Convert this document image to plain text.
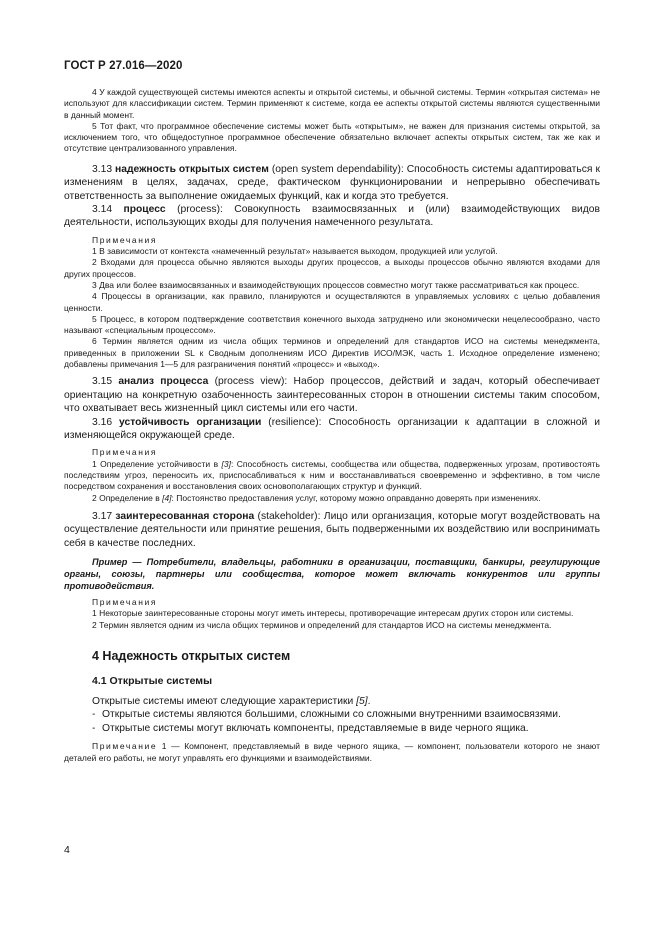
ГОСТ Р 27.016—2020

4 У каждой существующей системы имеются аспекты и открытой системы, и обычной системы. Термин «открытая система» не используют для классификации систем. Термин применяют к системе, когда ее аспекты открытой системы являются существенными в данный момент.

5 Тот факт, что программное обеспечение системы может быть «открытым», не важен для признания системы открытой, за исключением того, что общедоступное программное обеспечение обязательно включает аспекты открытых систем, так же как и отсутствие централизованного управления.

3.13 надежность открытых систем (open system dependability): Способность системы адаптироваться к изменениям в целях, задачах, среде, фактическом функционировании и непрерывно обеспечивать ответственность за выполнение ожидаемых функций, как и когда это требуется.

3.14 процесс (process): Совокупность взаимосвязанных и (или) взаимодействующих видов деятельности, использующих входы для получения намеченного результата.

Примечания

1 В зависимости от контекста «намеченный результат» называется выходом, продукцией или услугой.

2 Входами для процесса обычно являются выходы других процессов, а выходы процессов обычно являются входами для других процессов.

3 Два или более взаимосвязанных и взаимодействующих процессов совместно могут также рассматриваться как процесс.

4 Процессы в организации, как правило, планируются и осуществляются в управляемых условиях с целью добавления ценности.

5 Процесс, в котором подтверждение соответствия конечного выхода затруднено или экономически нецелесообразно, часто называют «специальным процессом».

6 Термин является одним из числа общих терминов и определений для стандартов ИСО на системы менеджмента, приведенных в приложении SL к Сводным дополнениям ИСО Директив ИСО/МЭК, часть 1. Исходное определение изменено; добавлены примечания 1—5 для разграничения понятий «процесс» и «выход».

3.15 анализ процесса (process view): Набор процессов, действий и задач, который обеспечивает ориентацию на конкретную озабоченность заинтересованных сторон в отношении системы таким способом, что охватывает весь жизненный цикл системы или его части.

3.16 устойчивость организации (resilience): Способность организации к адаптации в сложной и изменяющейся окружающей среде.

Примечания

1 Определение устойчивости в [3]: Способность системы, сообщества или общества, подверженных угрозам, противостоять последствиям угроз, переносить их, приспосабливаться к ним и восстанавливаться своевременно и эффективно, в том числе посредством сохранения и восстановления своих основополагающих структур и функций.

2 Определение в [4]: Постоянство предоставления услуг, которому можно оправданно доверять при изменениях.

3.17 заинтересованная сторона (stakeholder): Лицо или организация, которые могут воздействовать на осуществление деятельности или принятие решения, быть подверженными их воздействию или воспринимать себя в качестве последних.

Пример — Потребители, владельцы, работники в организации, поставщики, банкиры, регулирующие органы, союзы, партнеры или сообщества, которое может включать конкурентов или группы противодействия.

Примечания

1 Некоторые заинтересованные стороны могут иметь интересы, противоречащие интересам других сторон или системы.

2 Термин является одним из числа общих терминов и определений для стандартов ИСО на системы менеджмента.

4 Надежность открытых систем
4.1 Открытые системы

Открытые системы имеют следующие характеристики [5].

- Открытые системы являются большими, сложными со сложными внутренними взаимосвязями.
- Открытые системы могут включать компоненты, представляемые в виде черного ящика.

Примечание 1 — Компонент, представляемый в виде черного ящика, — компонент, пользователи которого не знают деталей его работы, не могут управлять его функциями и взаимодействиями.

4
